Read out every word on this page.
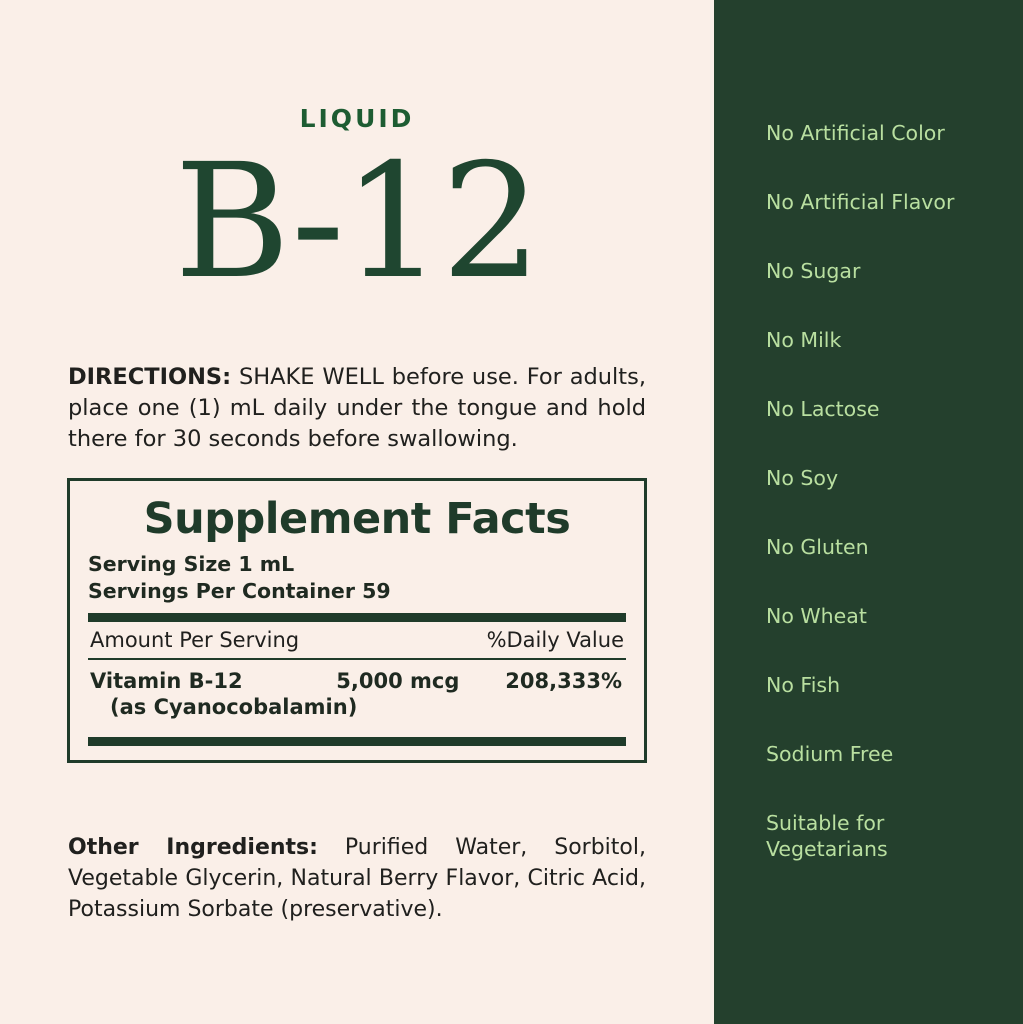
LIQUID
B-12
DIRECTIONS: SHAKE WELL before use. For adults, place one (1) mL daily under the tongue and hold there for 30 seconds before swallowing.
Supplement Facts
Serving Size 1 mL
Servings Per Container 59
Amount Per Serving	%Daily Value
Vitamin B-12	5,000 mcg	208,333%
(as Cyanocobalamin)
Other Ingredients: Purified Water, Sorbitol, Vegetable Glycerin, Natural Berry Flavor, Citric Acid, Potassium Sorbate (preservative).
No Artificial Color
No Artificial Flavor
No Sugar
No Milk
No Lactose
No Soy
No Gluten
No Wheat
No Fish
Sodium Free
Suitable for Vegetarians
